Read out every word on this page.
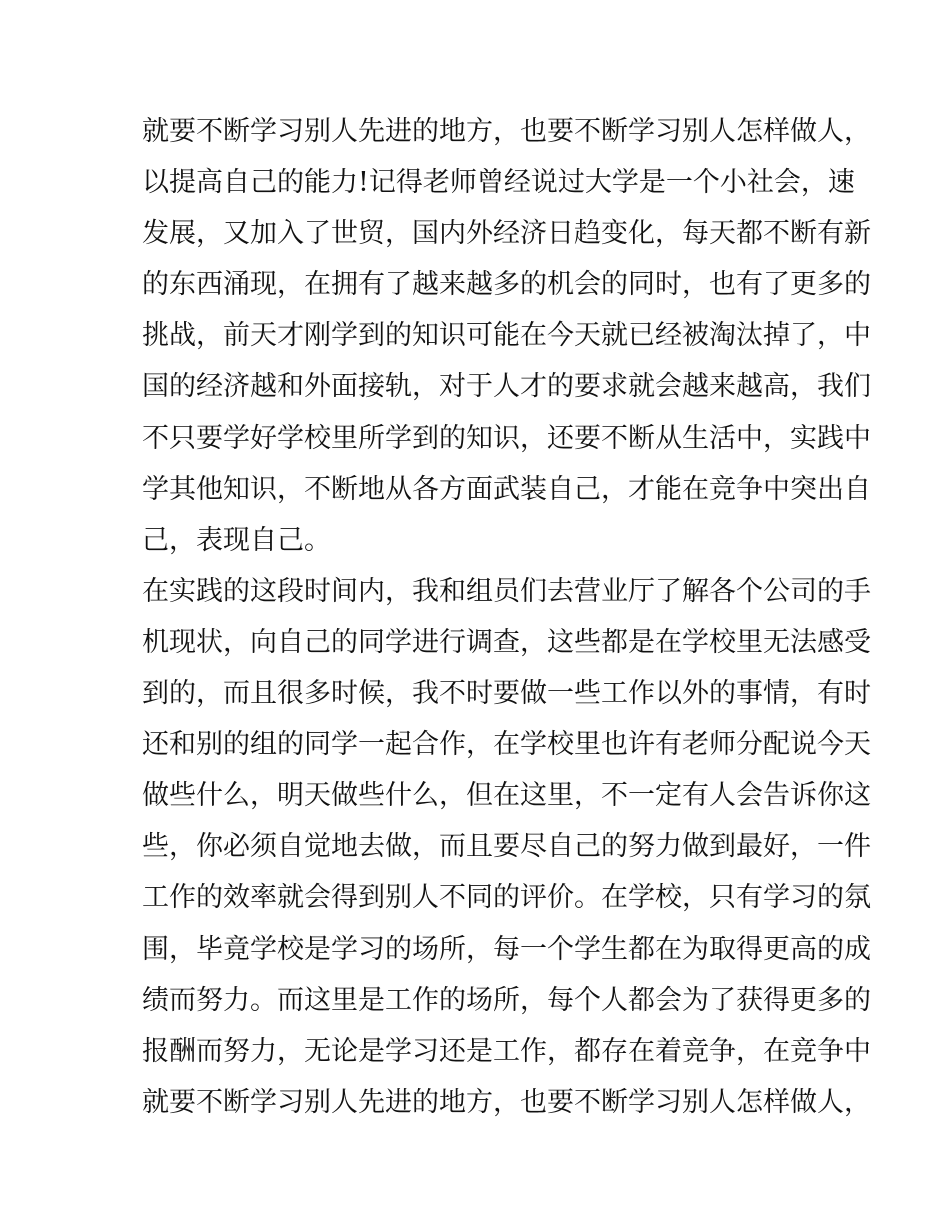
就要不断学习别人先进的地方，也要不断学习别人怎样做人，
以提高自己的能力!记得老师曾经说过大学是一个小社会，速
发展，又加入了世贸，国内外经济日趋变化，每天都不断有新
的东西涌现，在拥有了越来越多的机会的同时，也有了更多的
挑战，前天才刚学到的知识可能在今天就已经被淘汰掉了，中
国的经济越和外面接轨，对于人才的要求就会越来越高，我们
不只要学好学校里所学到的知识，还要不断从生活中，实践中
学其他知识，不断地从各方面武装自己，才能在竞争中突出自
己，表现自己。
在实践的这段时间内，我和组员们去营业厅了解各个公司的手
机现状，向自己的同学进行调查，这些都是在学校里无法感受
到的，而且很多时候，我不时要做一些工作以外的事情，有时
还和别的组的同学一起合作，在学校里也许有老师分配说今天
做些什么，明天做些什么，但在这里，不一定有人会告诉你这
些，你必须自觉地去做，而且要尽自己的努力做到最好，一件
工作的效率就会得到别人不同的评价。在学校，只有学习的氛
围，毕竟学校是学习的场所，每一个学生都在为取得更高的成
绩而努力。而这里是工作的场所，每个人都会为了获得更多的
报酬而努力，无论是学习还是工作，都存在着竞争，在竞争中
就要不断学习别人先进的地方，也要不断学习别人怎样做人，
